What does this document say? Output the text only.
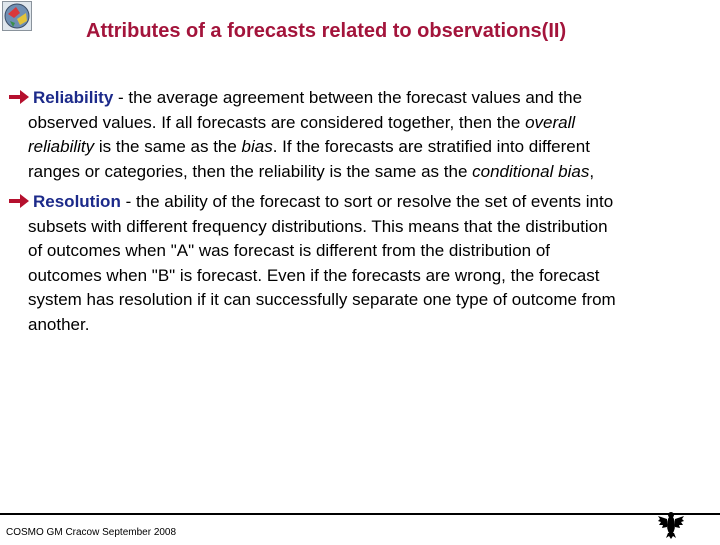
Attributes of a forecasts related to observations(II)
Reliability - the average agreement between the forecast values and the
observed values. If all forecasts are considered together, then the overall
reliability is the same as the bias. If the forecasts are stratified into different
ranges or categories, then the reliability is the same as the conditional bias,
Resolution - the ability of the forecast to sort or resolve the set of events into
subsets with different frequency distributions. This means that the distribution
of outcomes when "A" was forecast is different from the distribution of
outcomes when "B" is forecast. Even if the forecasts are wrong, the forecast
system has resolution if it can successfully separate one type of outcome from
another.
COSMO GM Cracow September 2008
